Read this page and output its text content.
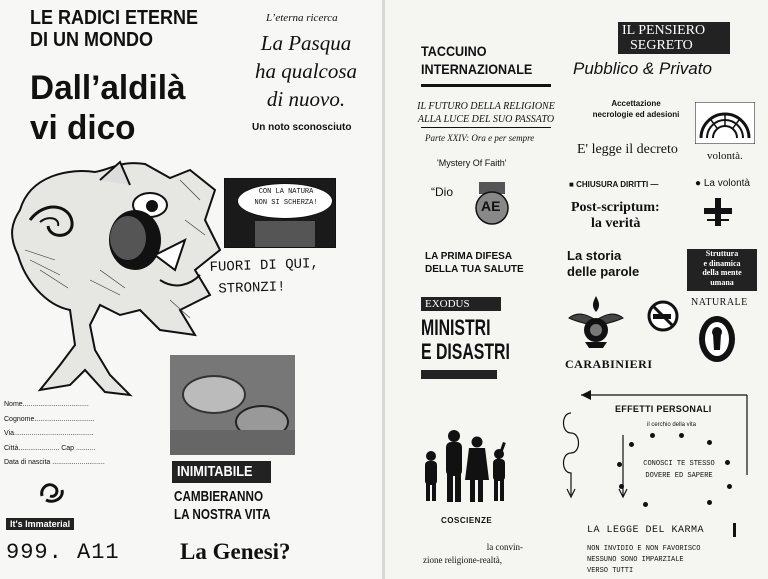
LE RADICI ETERNE
DI UN MONDO
Dall’aldilà
vi dico
L’eterna ricerca
La Pasqua
ha qualcosa
di nuovo.
Un noto sconosciuto
CON LA NATURA
NON SI SCHERZA!
FUORI DI QUI,
STRONZI!
Nome..................................
Cognome...............................
Via.........................................
Città..................... Cap ..........
Data di nascita ...........................
It's Immaterial
999. A11
INIMITABILE
CAMBIERANNO
LA NOSTRA VITA
La Genesi?
TACCUINO
INTERNAZIONALE
IL FUTURO DELLA RELIGIONE
ALLA LUCE DEL SUO PASSATO
Parte XXIV: Ora e per sempre
'Mystery Of Faith'
“Dio
AE
LA PRIMA DIFESA
DELLA TUA SALUTE
EXODUS
MINISTRI
E DISASTRI
COSCIENZE
la convin-
zione religione-realtà,
IL PENSIERO
SEGRETO
Pubblico & Privato
Accettazione
necrologie ed adesioni
E' legge il decreto	volontà.
■ CHIUSURA DIRITTI —	● La volontà
Post-scriptum:
la verità
La storia
delle parole
Struttura
e dinamica
della mente
umana
NATURALE
CARABINIERI
EFFETTI PERSONALI
il cerchio della vita
CONOSCI TE STESSO
DOVERE ED SAPERE
LA LEGGE DEL KARMA
NON INVIDIO E NON FAVORISCO
NESSUNO SONO IMPARZIALE
VERSO TUTTI
